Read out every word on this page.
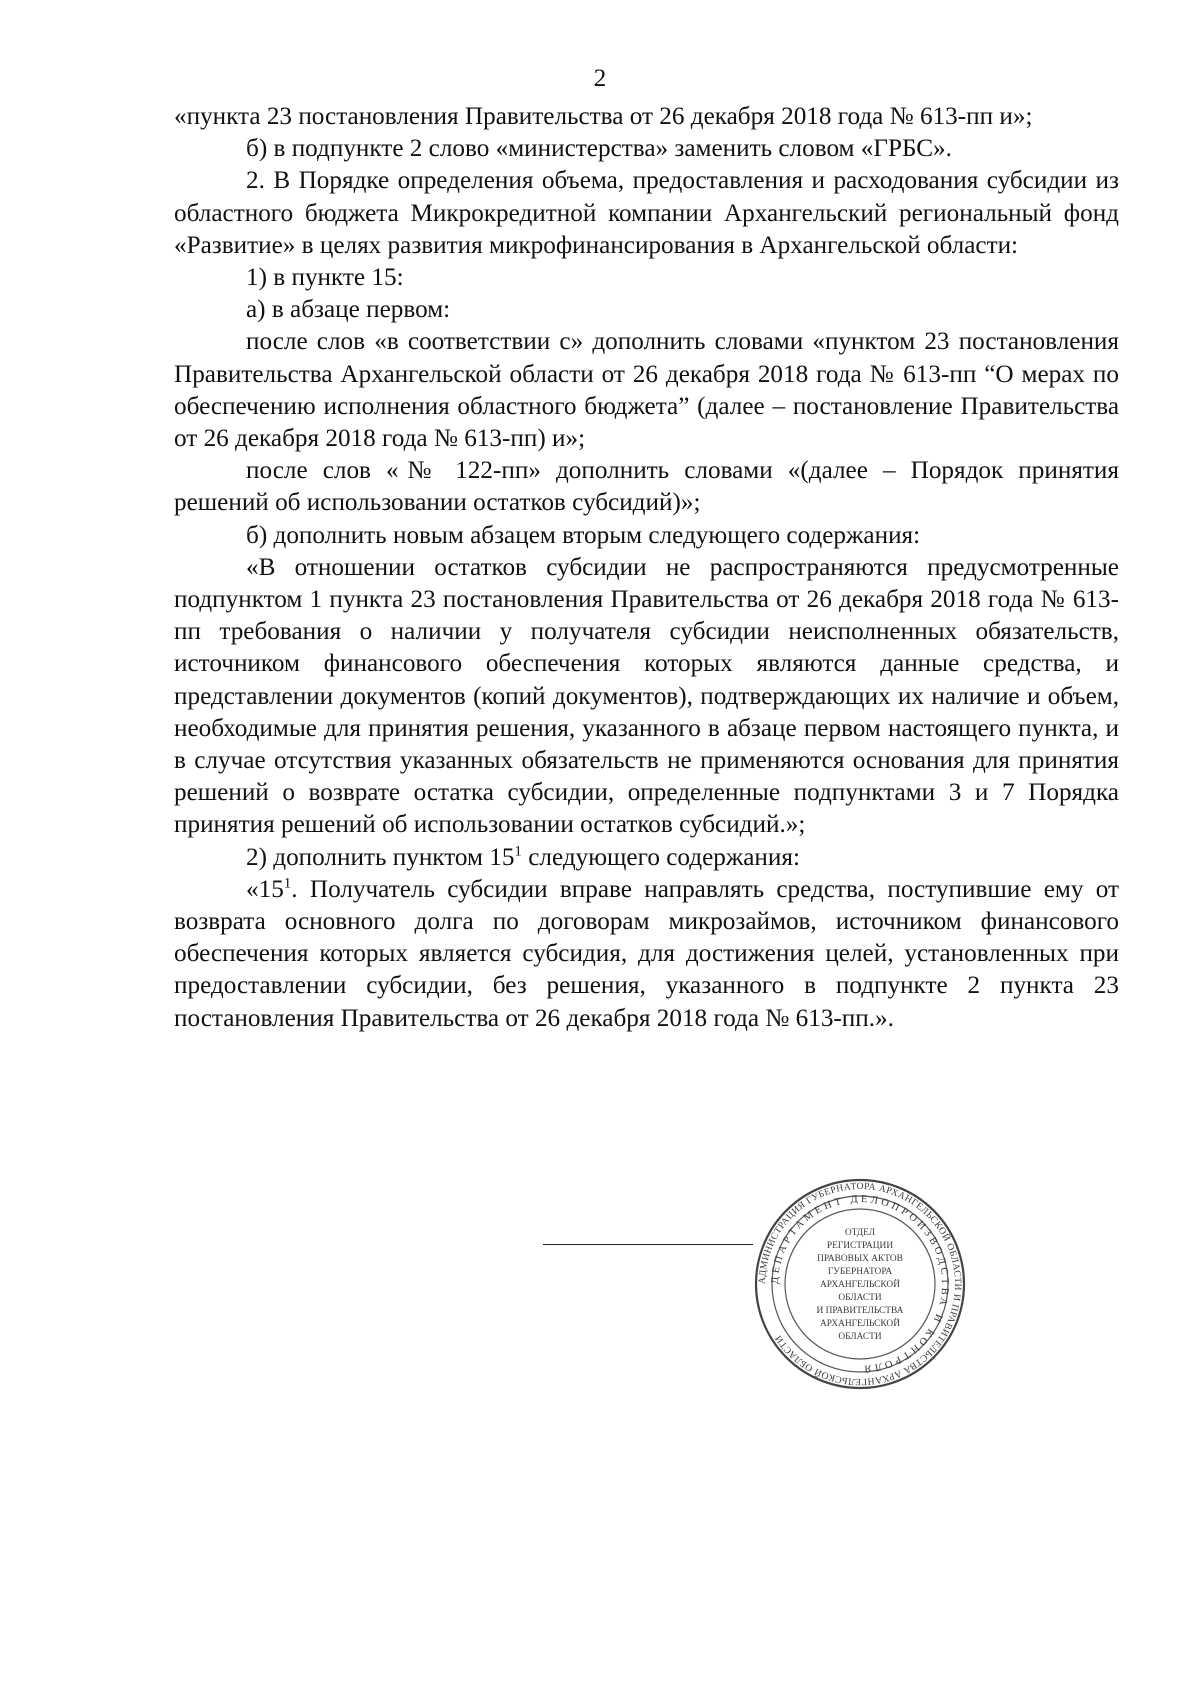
2

«пункта 23 постановления Правительства от 26 декабря 2018 года № 613-пп и»;

б) в подпункте 2 слово «министерства» заменить словом «ГРБС».

2. В Порядке определения объема, предоставления и расходования субсидии из областного бюджета Микрокредитной компании Архангельский региональный фонд «Развитие» в целях развития микрофинансирования в Архангельской области:

1) в пункте 15:

а) в абзаце первом:

после слов «в соответствии с» дополнить словами «пунктом 23 постановления Правительства Архангельской области от 26 декабря 2018 года № 613-пп “О мерах по обеспечению исполнения областного бюджета” (далее – постановление Правительства от 26 декабря 2018 года № 613-пп) и»;

после слов «№ 122-пп» дополнить словами «(далее – Порядок принятия решений об использовании остатков субсидий)»;

б) дополнить новым абзацем вторым следующего содержания:

«В отношении остатков субсидии не распространяются предусмотренные подпунктом 1 пункта 23 постановления Правительства от 26 декабря 2018 года № 613-пп требования о наличии у получателя субсидии неисполненных обязательств, источником финансового обеспечения которых являются данные средства, и представлении документов (копий документов), подтверждающих их наличие и объем, необходимые для принятия решения, указанного в абзаце первом настоящего пункта, и в случае отсутствия указанных обязательств не применяются основания для принятия решений о возврате остатка субсидии, определенные подпунктами 3 и 7 Порядка принятия решений об использовании остатков субсидий.»;

2) дополнить пунктом $15^1$ следующего содержания:

«$15^1$. Получатель субсидии вправе направлять средства, поступившие ему от возврата основного долга по договорам микрозаймов, источником финансового обеспечения которых является субсидия, для достижения целей, установленных при предоставлении субсидии, без решения, указанного в подпункте 2 пункта 23 постановления Правительства от 26 декабря 2018 года № 613-пп.».

АДМИНИСТРАЦИЯ ГУБЕРНАТОРА АРХАНГЕЛЬСКОЙ ОБЛАСТИ И ПРАВИТЕЛЬСТВА АРХАНГЕЛЬСКОЙ ОБЛАСТИ
ДЕПАРТАМЕНТ ДЕЛОПРОИЗВОДСТВА И КОНТРОЛЯ
ОТДЕЛ
РЕГИСТРАЦИИ
ПРАВОВЫХ АКТОВ
ГУБЕРНАТОРА
АРХАНГЕЛЬСКОЙ
ОБЛАСТИ
И ПРАВИТЕЛЬСТВА
АРХАНГЕЛЬСКОЙ
ОБЛАСТИ
